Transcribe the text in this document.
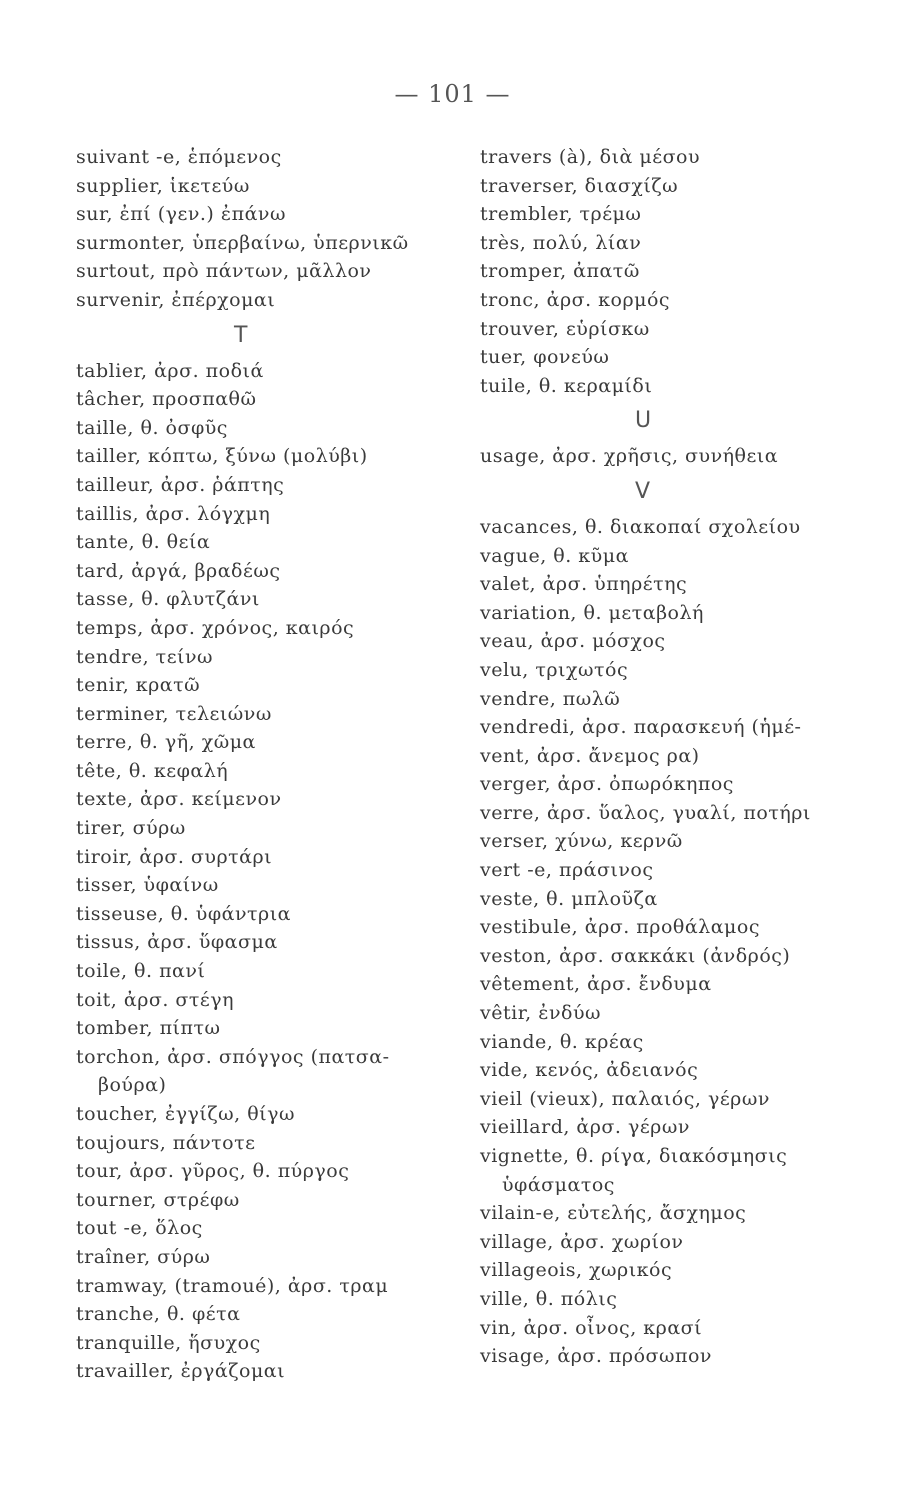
— 101 —
suivant -e, ἑπόμενος
supplier, ἱκετεύω
sur, ἐπί (γεν.) ἐπάνω
surmonter, ὑπερβαίνω, ὑπερνικῶ
surtout, πρὸ πάντων, μᾶλλον
survenir, ἐπέρχομαι
T
tablier, ἀρσ. ποδιά
tâcher, προσπαθῶ
taille, θ. ὀσφῦς
tailler, κόπτω, ξύνω (μολύβι)
tailleur, ἀρσ. ῥάπτης
taillis, ἀρσ. λόγχμη
tante, θ. θεία
tard, ἀργά, βραδέως
tasse, θ. φλυτζάνι
temps, ἀρσ. χρόνος, καιρός
tendre, τείνω
tenir, κρατῶ
terminer, τελειώνω
terre, θ. γῆ, χῶμα
tête, θ. κεφαλή
texte, ἀρσ. κείμενον
tirer, σύρω
tiroir, ἀρσ. συρτάρι
tisser, ὑφαίνω
tisseuse, θ. ὑφάντρια
tissus, ἀρσ. ὕφασμα
toile, θ. πανί
toit, ἀρσ. στέγη
tomber, πίπτω
torchon, ἀρσ. σπόγγος (πατσα-
βούρα)
toucher, ἐγγίζω, θίγω
toujours, πάντοτε
tour, ἀρσ. γῦρος, θ. πύργος
tourner, στρέφω
tout -e, ὅλος
traîner, σύρω
tramway, (tramoué), ἀρσ. τραμ
tranche, θ. φέτα
tranquille, ἥσυχος
travailler, ἐργάζομαι
travers (à), διὰ μέσου
traverser, διασχίζω
trembler, τρέμω
très, πολύ, λίαν
tromper, ἀπατῶ
tronc, ἀρσ. κορμός
trouver, εὑρίσκω
tuer, φονεύω
tuile, θ. κεραμίδι
U
usage, ἀρσ. χρῆσις, συνήθεια
V
vacances, θ. διακοπαί σχολείου
vague, θ. κῦμα
valet, ἀρσ. ὑπηρέτης
variation, θ. μεταβολή
veau, ἀρσ. μόσχος
velu, τριχωτός
vendre, πωλῶ
vendredi, ἀρσ. παρασκευή (ἡμέ-
vent, ἀρσ. ἄνεμος ρα)
verger, ἀρσ. ὀπωρόκηπος
verre, ἀρσ. ὕαλος, γυαλί, ποτήρι
verser, χύνω, κερνῶ
vert -e, πράσινος
veste, θ. μπλοῦζα
vestibule, ἀρσ. προθάλαμος
veston, ἀρσ. σακκάκι (ἀνδρός)
vêtement, ἀρσ. ἔνδυμα
vêtir, ἐνδύω
viande, θ. κρέας
vide, κενός, ἀδειανός
vieil (vieux), παλαιός, γέρων
vieillard, ἀρσ. γέρων
vignette, θ. ρίγα, διακόσμησις
ὑφάσματος
vilain-e, εὐτελής, ἄσχημος
village, ἀρσ. χωρίον
villageois, χωρικός
ville, θ. πόλις
vin, ἀρσ. οἶνος, κρασί
visage, ἀρσ. πρόσωπον
